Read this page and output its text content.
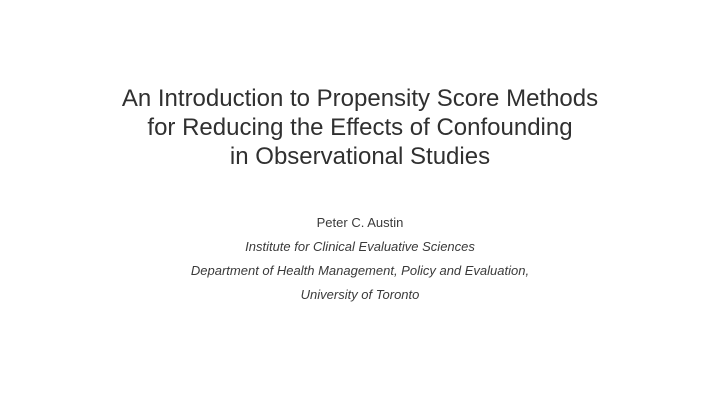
An Introduction to Propensity Score Methods
for Reducing the Effects of Confounding
in Observational Studies
Peter C. Austin
Institute for Clinical Evaluative Sciences
Department of Health Management, Policy and Evaluation,
University of Toronto
